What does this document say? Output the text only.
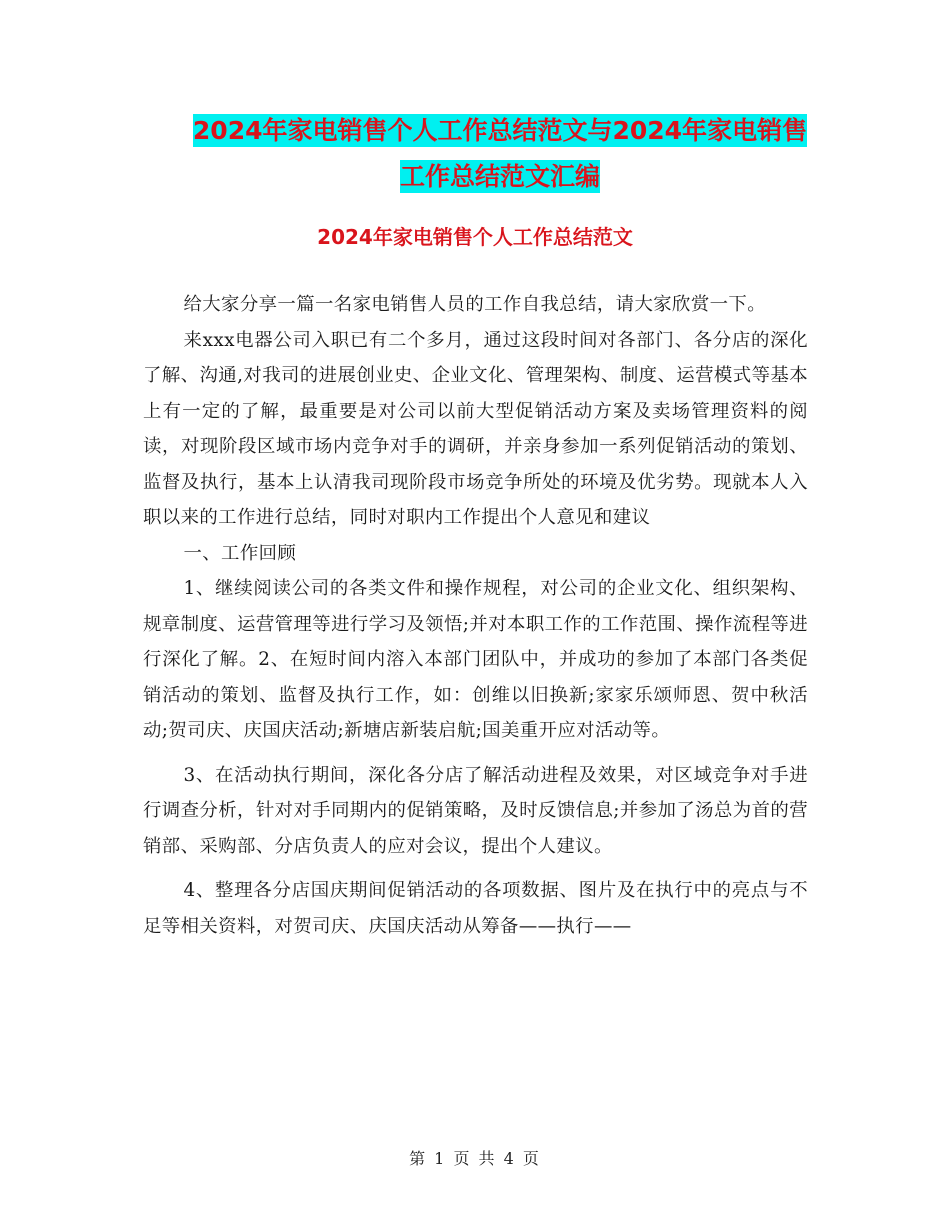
2024年家电销售个人工作总结范文与2024年家电销售
工作总结范文汇编
2024年家电销售个人工作总结范文

给大家分享一篇一名家电销售人员的工作自我总结，请大家欣赏一下。

来xxx电器公司入职已有二个多月，通过这段时间对各部门、各分店的深化了解、沟通,对我司的进展创业史、企业文化、管理架构、制度、运营模式等基本上有一定的了解，最重要是对公司以前大型促销活动方案及卖场管理资料的阅读，对现阶段区域市场内竞争对手的调研，并亲身参加一系列促销活动的策划、监督及执行，基本上认清我司现阶段市场竞争所处的环境及优劣势。现就本人入职以来的工作进行总结，同时对职内工作提出个人意见和建议

一、工作回顾

1、继续阅读公司的各类文件和操作规程，对公司的企业文化、组织架构、规章制度、运营管理等进行学习及领悟;并对本职工作的工作范围、操作流程等进行深化了解。2、在短时间内溶入本部门团队中，并成功的参加了本部门各类促销活动的策划、监督及执行工作，如：创维以旧换新;家家乐颂师恩、贺中秋活动;贺司庆、庆国庆活动;新塘店新装启航;国美重开应对活动等。

3、在活动执行期间，深化各分店了解活动进程及效果，对区域竞争对手进行调查分析，针对对手同期内的促销策略，及时反馈信息;并参加了汤总为首的营销部、采购部、分店负责人的应对会议，提出个人建议。

4、整理各分店国庆期间促销活动的各项数据、图片及在执行中的亮点与不足等相关资料，对贺司庆、庆国庆活动从筹备——执行——

第 1 页 共 4 页
